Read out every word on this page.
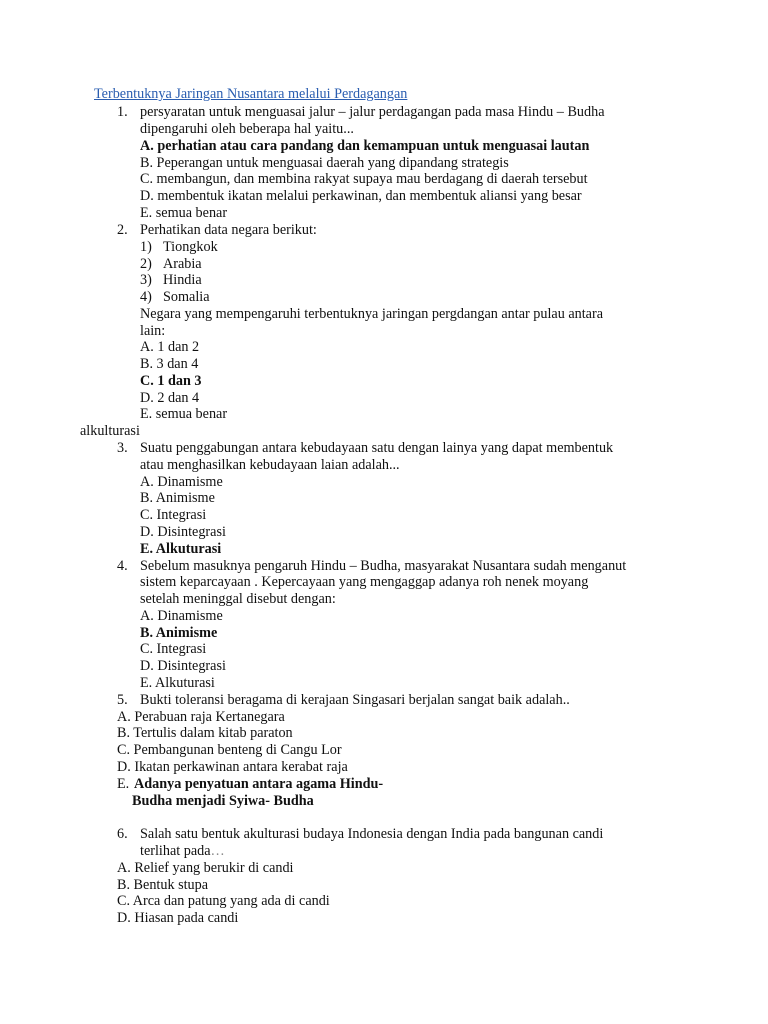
Terbentuknya Jaringan Nusantara melalui Perdagangan
1. persyaratan untuk menguasai jalur – jalur perdagangan pada masa Hindu – Budha
dipengaruhi oleh beberapa hal yaitu...
A. perhatian atau cara pandang dan kemampuan untuk menguasai lautan
B. Peperangan untuk menguasai daerah yang dipandang strategis
C. membangun, dan membina rakyat supaya mau berdagang di daerah tersebut
D. membentuk ikatan melalui perkawinan, dan membentuk aliansi yang besar
E. semua benar
2. Perhatikan data negara berikut:
1) Tiongkok
2) Arabia
3) Hindia
4) Somalia
Negara yang mempengaruhi terbentuknya jaringan pergdangan antar pulau antara
lain:
A. 1 dan 2
B. 3 dan 4
C. 1 dan 3
D. 2 dan 4
E. semua benar
alkulturasi
3. Suatu penggabungan antara kebudayaan satu dengan lainya yang dapat membentuk
atau menghasilkan kebudayaan laian adalah...
A. Dinamisme
B. Animisme
C. Integrasi
D. Disintegrasi
E. Alkuturasi
4. Sebelum masuknya pengaruh Hindu – Budha, masyarakat Nusantara sudah menganut
sistem keparcayaan . Kepercayaan yang mengaggap adanya roh nenek moyang
setelah meninggal disebut dengan:
A. Dinamisme
B. Animisme
C. Integrasi
D. Disintegrasi
E. Alkuturasi
5. Bukti toleransi beragama di kerajaan Singasari berjalan sangat baik adalah..
A. Perabuan raja Kertanegara
B. Tertulis dalam kitab paraton
C. Pembangunan benteng di Cangu Lor
D. Ikatan perkawinan antara kerabat raja
E. Adanya penyatuan antara agama Hindu-
Budha menjadi Syiwa- Budha
6. Salah satu bentuk akulturasi budaya Indonesia dengan India pada bangunan candi
terlihat pada…
A. Relief yang berukir di candi
B. Bentuk stupa
C. Arca dan patung yang ada di candi
D. Hiasan pada candi
